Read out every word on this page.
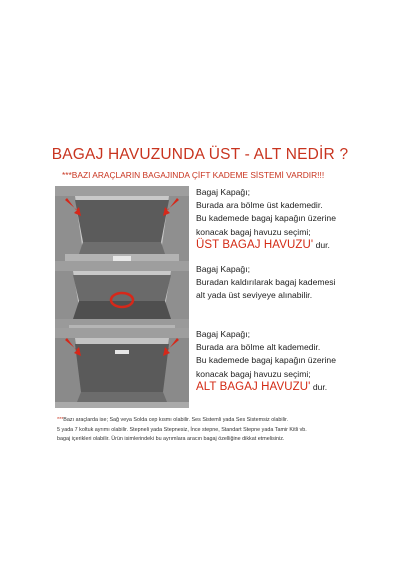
BAGAJ HAVUZUNDA ÜST - ALT NEDİR ?
***BAZI ARAÇLARIN BAGAJINDA ÇİFT KADEME SİSTEMİ VARDIR!!!
Bagaj Kapağı;
Burada ara bölme üst kademedir.
Bu kademede bagaj kapağın üzerine
konacak bagaj havuzu seçimi;
ÜST BAGAJ HAVUZU' dur.
Bagaj Kapağı;
Buradan kaldırılarak bagaj kademesi
alt yada üst seviyeye alınabilir.
Bagaj Kapağı;
Burada ara bölme alt kademedir.
Bu kademede bagaj kapağın üzerine
konacak bagaj havuzu seçimi;
ALT BAGAJ HAVUZU' dur.
***Bazı araçlarda ise; Sağ veya Solda cep kısmı olabilir. Ses Sistemli yada Ses Sistemsiz olabilir.
5 yada 7 koltuk ayrımı olabilir. Stepneli yada Stepnesiz, İnce stepne, Standart Stepne yada Tamir Kitli vb.
bagaj içerikleri olabilir. Ürün isimlerindeki bu ayrımlara aracın bagaj özelliğine dikkat etmelisiniz.
